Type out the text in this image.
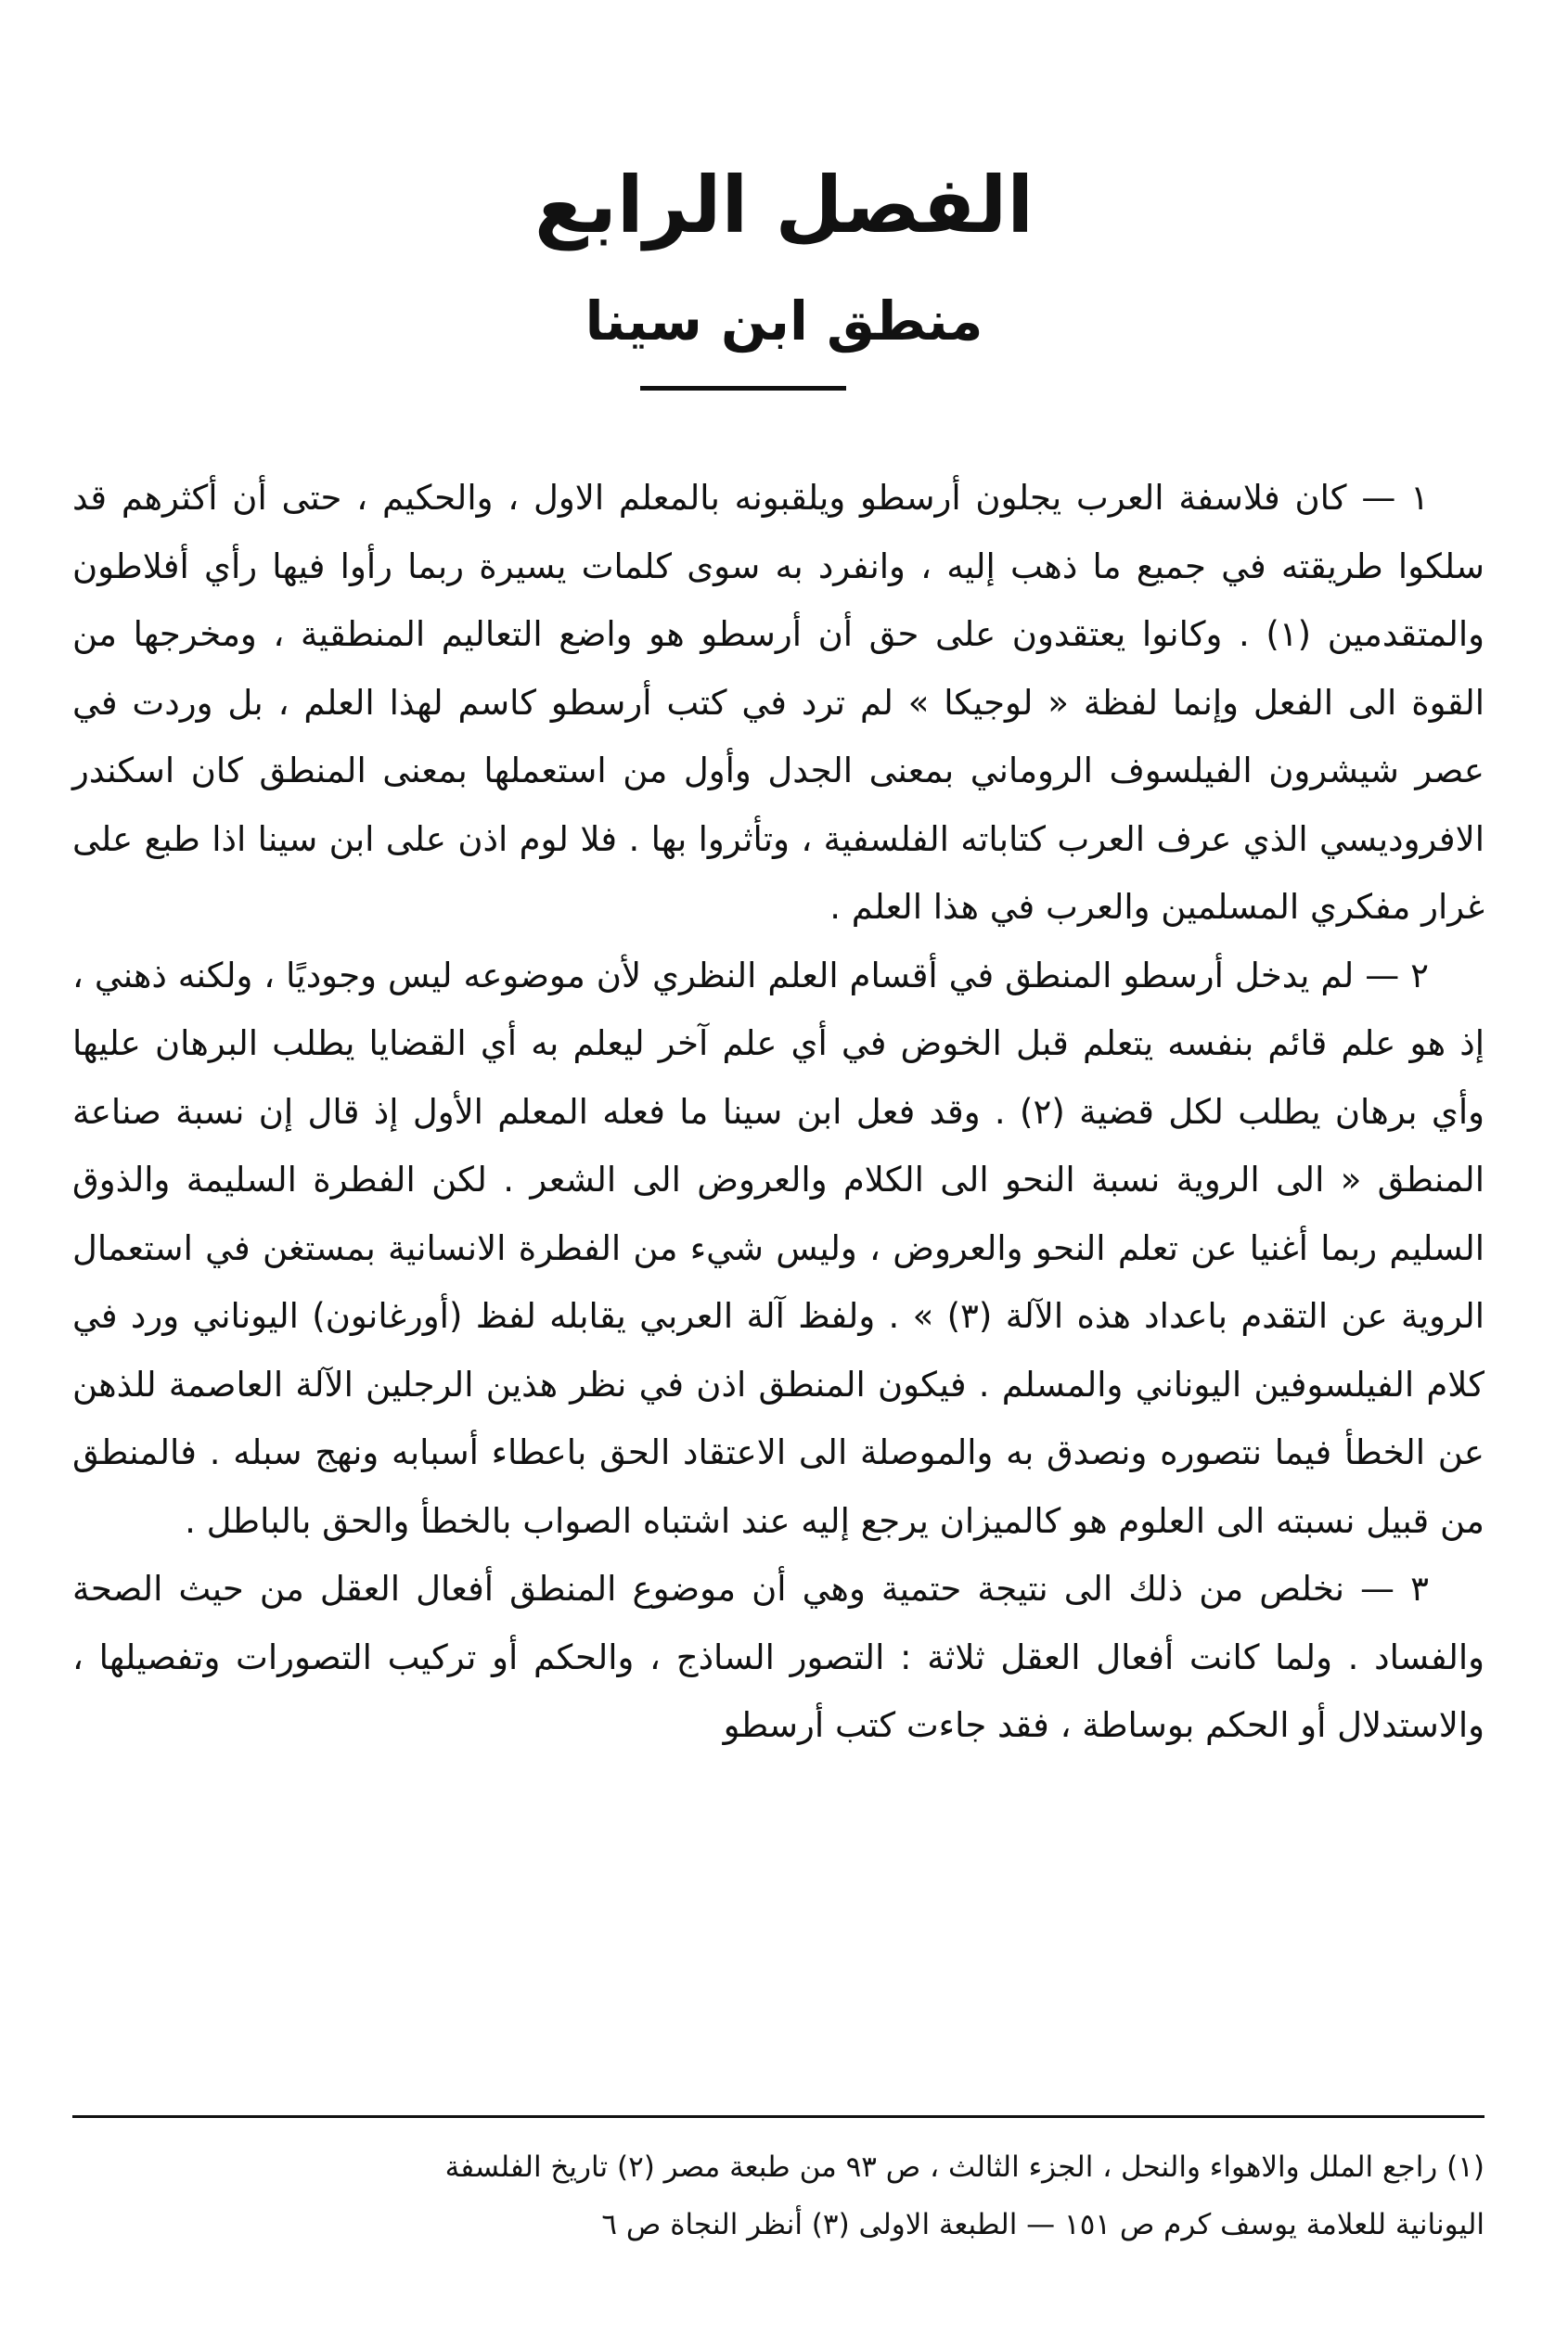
الفصل الرابع
منطق ابن سينا

١ — كان فلاسفة العرب يجلون أرسطو ويلقبونه بالمعلم الاول ، والحكيم ، حتى أن أكثرهم قد سلكوا طريقته في جميع ما ذهب إليه ، وانفرد به سوى كلمات يسيرة ربما رأوا فيها رأي أفلاطون والمتقدمين (١) . وكانوا يعتقدون على حق أن أرسطو هو واضع التعاليم المنطقية ، ومخرجها من القوة الى الفعل وإنما لفظة « لوجيكا » لم ترد في كتب أرسطو كاسم لهذا العلم ، بل وردت في عصر شيشرون الفيلسوف الروماني بمعنى الجدل وأول من استعملها بمعنى المنطق كان اسكندر الافروديسي الذي عرف العرب كتاباته الفلسفية ، وتأثروا بها . فلا لوم اذن على ابن سينا اذا طبع على غرار مفكري المسلمين والعرب في هذا العلم .

٢ — لم يدخل أرسطو المنطق في أقسام العلم النظري لأن موضوعه ليس وجوديًا ، ولكنه ذهني ، إذ هو علم قائم بنفسه يتعلم قبل الخوض في أي علم آخر ليعلم به أي القضايا يطلب البرهان عليها وأي برهان يطلب لكل قضية (٢) . وقد فعل ابن سينا ما فعله المعلم الأول إذ قال إن نسبة صناعة المنطق « الى الروية نسبة النحو الى الكلام والعروض الى الشعر . لكن الفطرة السليمة والذوق السليم ربما أغنيا عن تعلم النحو والعروض ، وليس شيء من الفطرة الانسانية بمستغن في استعمال الروية عن التقدم باعداد هذه الآلة (٣) » . ولفظ آلة العربي يقابله لفظ (أورغانون) اليوناني ورد في كلام الفيلسوفين اليوناني والمسلم . فيكون المنطق اذن في نظر هذين الرجلين الآلة العاصمة للذهن عن الخطأ فيما نتصوره ونصدق به والموصلة الى الاعتقاد الحق باعطاء أسبابه ونهج سبله . فالمنطق من قبيل نسبته الى العلوم هو كالميزان يرجع إليه عند اشتباه الصواب بالخطأ والحق بالباطل .

٣ — نخلص من ذلك الى نتيجة حتمية وهي أن موضوع المنطق أفعال العقل من حيث الصحة والفساد . ولما كانت أفعال العقل ثلاثة : التصور الساذج ، والحكم أو تركيب التصورات وتفصيلها ، والاستدلال أو الحكم بوساطة ، فقد جاءت كتب أرسطو

(١) راجع الملل والاهواء والنحل ، الجزء الثالث ، ص ٩٣ من طبعة مصر (٢) تاريخ الفلسفة

اليونانية للعلامة يوسف كرم ص ١٥١ — الطبعة الاولى (٣) أنظر النجاة ص ٦
